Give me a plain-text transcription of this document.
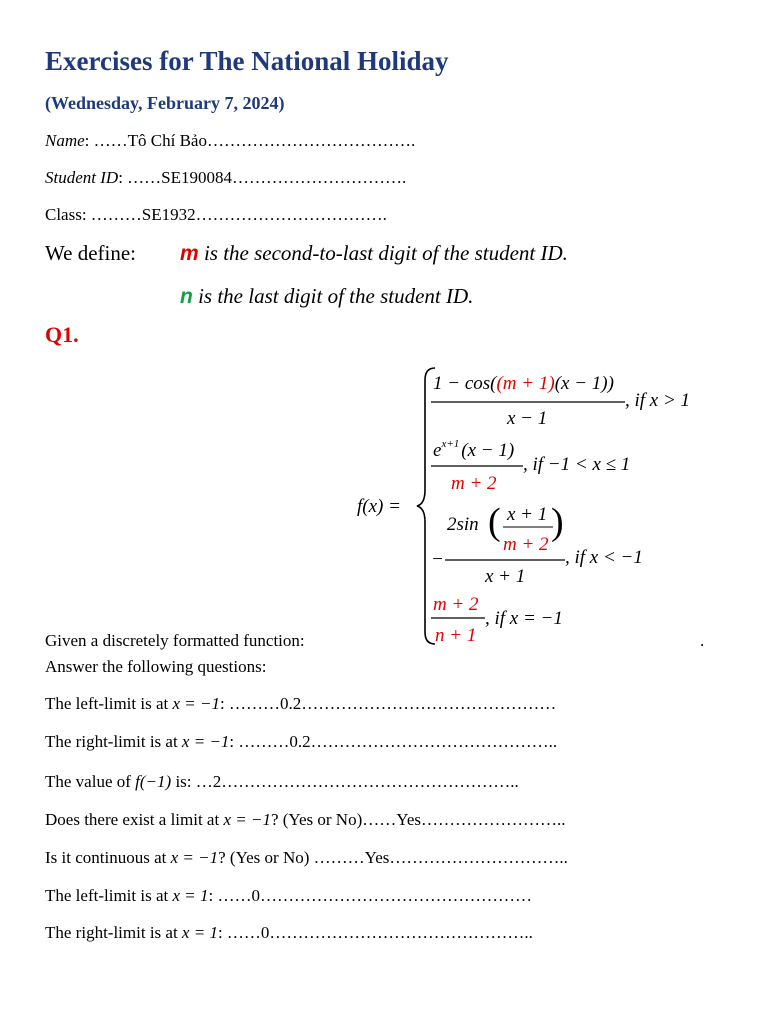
Exercises for The National Holiday
(Wednesday, February 7, 2024)
Name: ……Tô Chí Bảo……………………………….
Student ID: ……SE190084………………………….
Class: ………SE1932…………………………….
We define: m is the second-to-last digit of the student ID.
n is the last digit of the student ID.
Q1.
f(x) =
1 − cos((m + 1)(x − 1))
x − 1
, if x > 1
$e^{x+1}$ (x − 1)
m + 2
, if −1 < x ≤ 1
−
2sin ( x + 1
m + 2
)
x + 1
, if x < −1
m + 2
n + 1
, if x = −1
Given a discretely formatted function:	.
Answer the following questions:
The left-limit is at x = −1: ………0.2………………………………………
The right-limit is at x = −1: ………0.2……………………………………..
The value of f(−1) is: …2……………………………………………..
Does there exist a limit at x = −1? (Yes or No)……Yes……………………..
Is it continuous at x = −1? (Yes or No) ………Yes…………………………..
The left-limit is at x = 1: ……0…………………………………………
The right-limit is at x = 1: ……0………………………………………..
